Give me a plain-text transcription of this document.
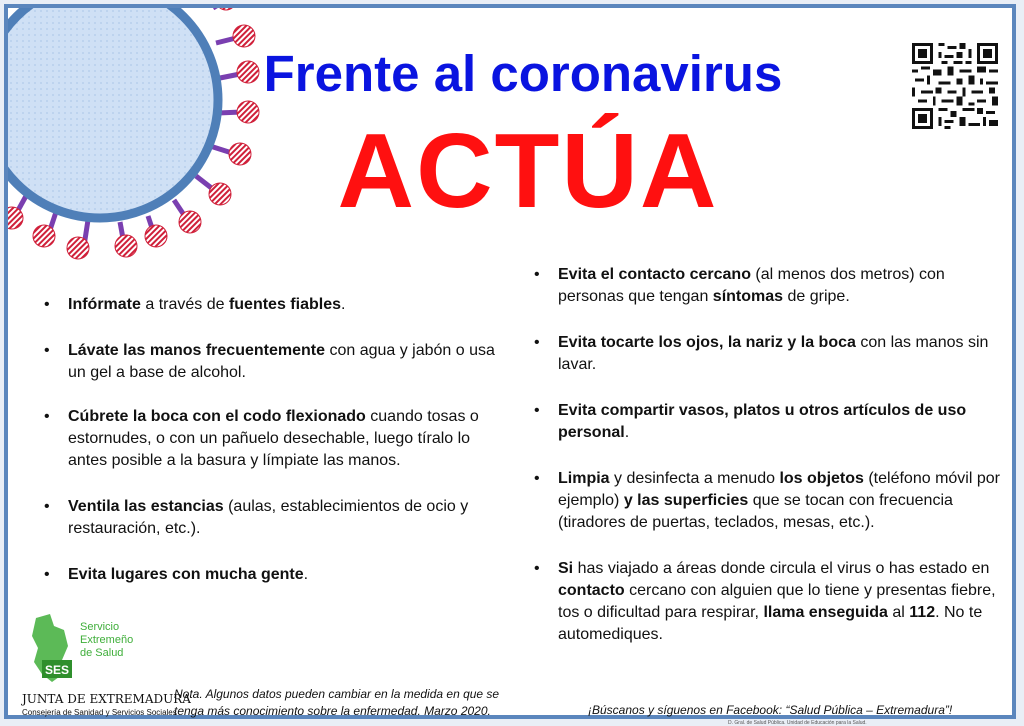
Frente al coronavirus
ACTÚA
• Infórmate a través de fuentes fiables.
• Lávate las manos frecuentemente con agua y jabón o usa un gel a base de alcohol.
• Cúbrete la boca con el codo flexionado cuando tosas o estornudes, o con un pañuelo desechable, luego tíralo lo antes posible a la basura y límpiate las manos.
• Ventila las estancias (aulas, establecimientos de ocio y restauración, etc.).
• Evita lugares con mucha gente.
• Evita el contacto cercano (al menos dos metros) con personas que tengan síntomas de gripe.
• Evita tocarte los ojos, la nariz y la boca con las manos sin lavar.
• Evita compartir vasos, platos u otros artículos de uso personal.
• Limpia y desinfecta a menudo los objetos (teléfono móvil por ejemplo) y las superficies que se tocan con frecuencia (tiradores de puertas, teclados, mesas, etc.).
• Si has viajado a áreas donde circula el virus o has estado en contacto cercano con alguien que lo tiene y presentas fiebre, tos o dificultad para respirar, llama enseguida al 112. No te automediques.
SES
Servicio
Extremeño
de Salud
JUNTA DE EXTREMADURA
Consejería de Sanidad y Servicios Sociales
Nota. Algunos datos pueden cambiar en la medida en que se tenga más conocimiento sobre la enfermedad. Marzo 2020.	¡Búscanos y síguenos en Facebook: “Salud Pública – Extremadura”!
D. Gral. de Salud Pública. Unidad de Educación para la Salud.
